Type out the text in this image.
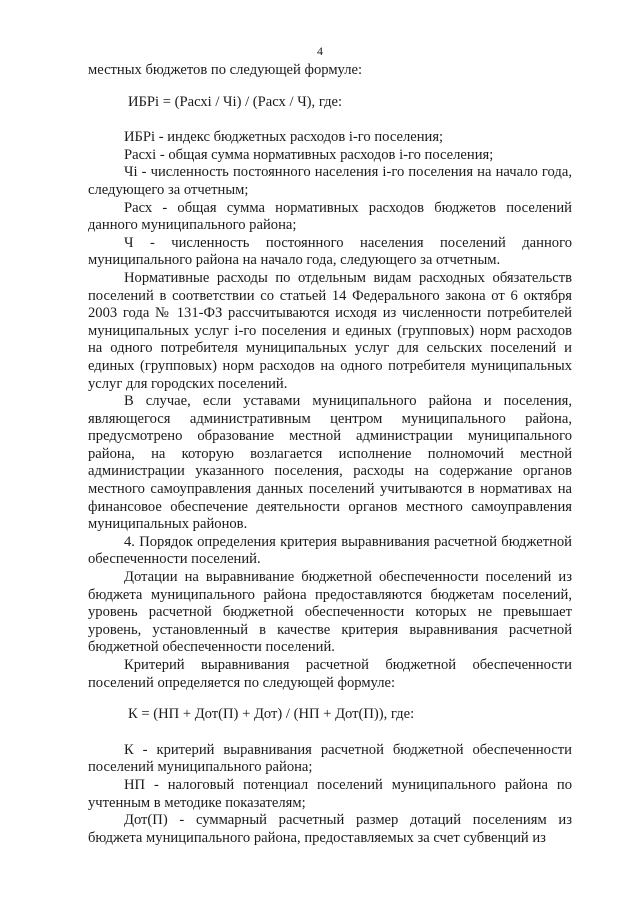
4

местных бюджетов по следующей формуле:

ИБРi = (Расхi / Чi) / (Расх / Ч), где:

ИБРi - индекс бюджетных расходов i-го поселения;

Расхi - общая сумма нормативных расходов i-го поселения;

Чi - численность постоянного населения i-го поселения на начало года, следующего за отчетным;

Расх - общая сумма нормативных расходов бюджетов поселений данного муниципального района;

Ч - численность постоянного населения поселений данного муниципального района на начало года, следующего за отчетным.

Нормативные расходы по отдельным видам расходных обязательств поселений в соответствии со статьей 14 Федерального закона от 6 октября 2003 года № 131-ФЗ рассчитываются исходя из численности потребителей муниципальных услуг i-го поселения и единых (групповых) норм расходов на одного потребителя муниципальных услуг для сельских поселений и единых (групповых) норм расходов на одного потребителя муниципальных услуг для городских поселений.

В случае, если уставами муниципального района и поселения, являющегося административным центром муниципального района, предусмотрено образование местной администрации муниципального района, на которую возлагается исполнение полномочий местной администрации указанного поселения, расходы на содержание органов местного самоуправления данных поселений учитываются в нормативах на финансовое обеспечение деятельности органов местного самоуправления муниципальных районов.

4. Порядок определения критерия выравнивания расчетной бюджетной обеспеченности поселений.

Дотации на выравнивание бюджетной обеспеченности поселений из бюджета муниципального района предоставляются бюджетам поселений, уровень расчетной бюджетной обеспеченности которых не превышает уровень, установленный в качестве критерия выравнивания расчетной бюджетной обеспеченности поселений.

Критерий выравнивания расчетной бюджетной обеспеченности поселений определяется по следующей формуле:

К = (НП + Дот(П) + Дот) / (НП + Дот(П)), где:

К - критерий выравнивания расчетной бюджетной обеспеченности поселений муниципального района;

НП - налоговый потенциал поселений муниципального района по учтенным в методике показателям;

Дот(П) - суммарный расчетный размер дотаций поселениям из бюджета муниципального района, предоставляемых за счет субвенций из
